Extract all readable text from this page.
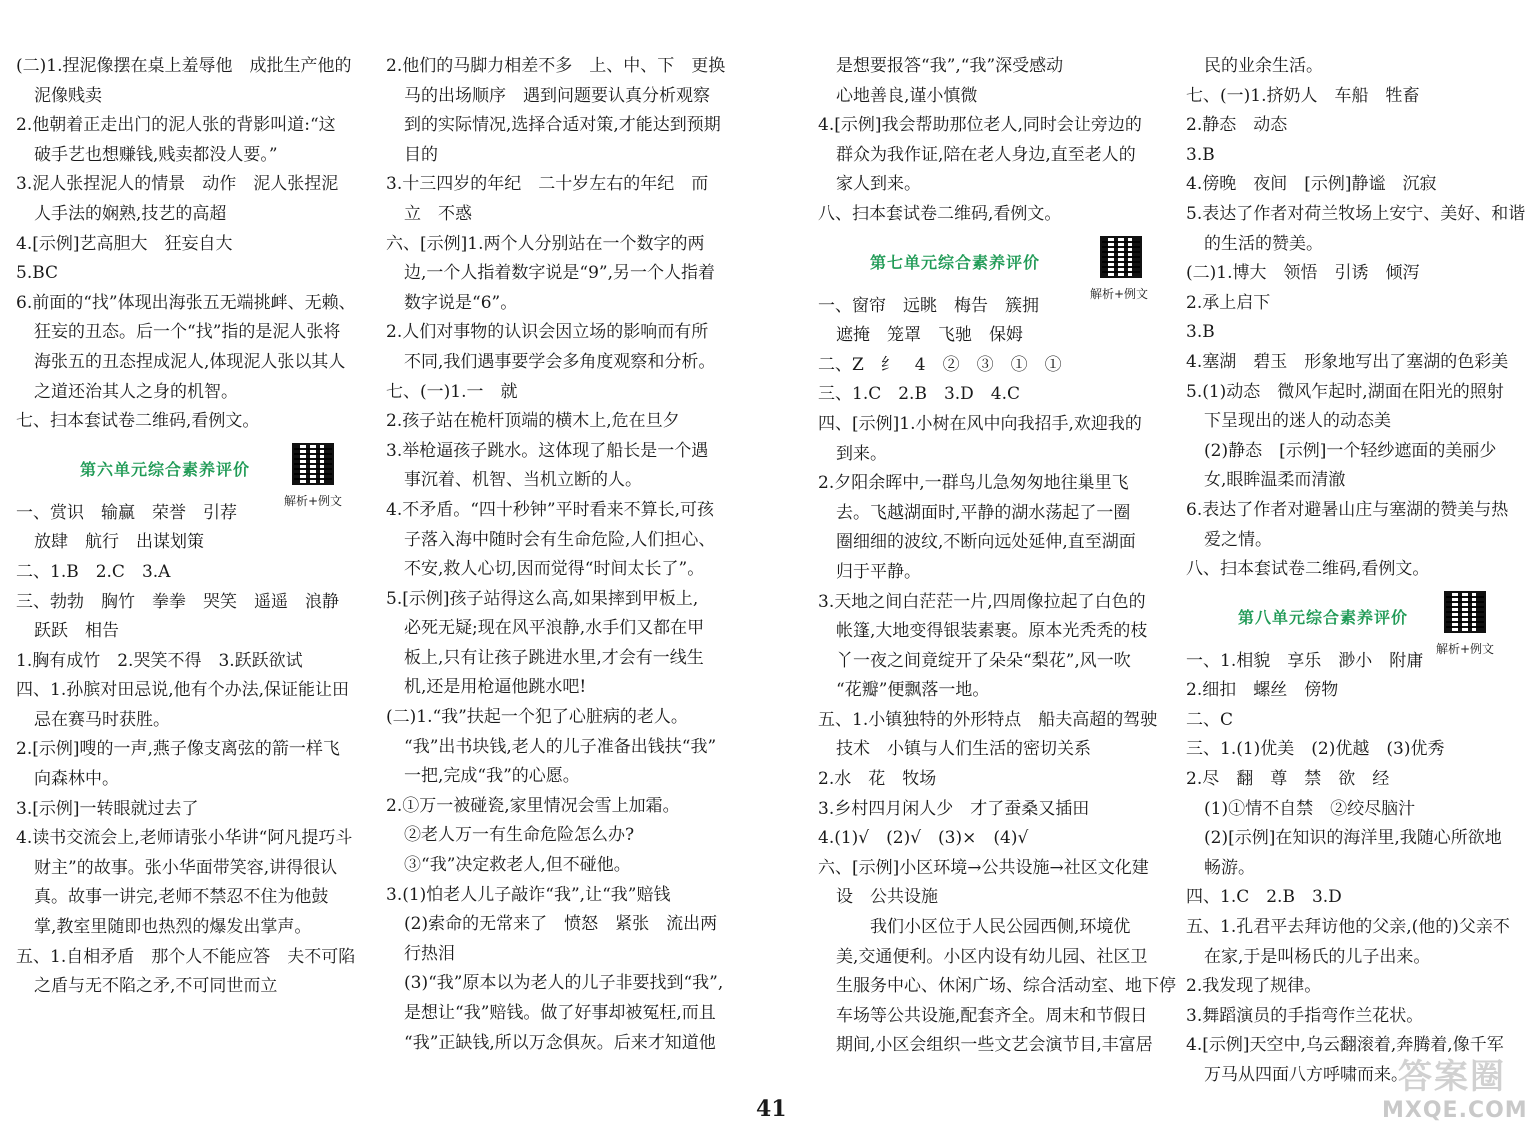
(二)1.捏泥像摆在桌上羞辱他　成批生产他的

泥像贱卖

2.他朝着正走出门的泥人张的背影叫道:“这

破手艺也想赚钱,贱卖都没人要。”

3.泥人张捏泥人的情景　动作　泥人张捏泥

人手法的娴熟,技艺的高超

4.[示例]艺高胆大　狂妄自大

5.BC

6.前面的“找”体现出海张五无端挑衅、无赖、

狂妄的丑态。后一个“找”指的是泥人张将

海张五的丑态捏成泥人,体现泥人张以其人

之道还治其人之身的机智。

七、扫本套试卷二维码,看例文。

第六单元综合素养评价
解析+例文

一、赏识　输赢　荣誉　引荐

放肆　航行　出谋划策

二、1.B　2.C　3.A

三、勃勃　胸竹　拳拳　哭笑　遥遥　浪静

跃跃　相告

1.胸有成竹　2.哭笑不得　3.跃跃欲试

四、1.孙膑对田忌说,他有个办法,保证能让田

忌在赛马时获胜。

2.[示例]嗖的一声,燕子像支离弦的箭一样飞

向森林中。

3.[示例]一转眼就过去了

4.读书交流会上,老师请张小华讲“阿凡提巧斗

财主”的故事。张小华面带笑容,讲得很认

真。故事一讲完,老师不禁忍不住为他鼓

掌,教室里随即也热烈的爆发出掌声。

五、1.自相矛盾　那个人不能应答　夫不可陷

之盾与无不陷之矛,不可同世而立

2.他们的马脚力相差不多　上、中、下　更换

马的出场顺序　遇到问题要认真分析观察

到的实际情况,选择合适对策,才能达到预期

目的

3.十三四岁的年纪　二十岁左右的年纪　而

立　不惑

六、[示例]1.两个人分别站在一个数字的两

边,一个人指着数字说是“9”,另一个人指着

数字说是“6”。

2.人们对事物的认识会因立场的影响而有所

不同,我们遇事要学会多角度观察和分析。

七、(一)1.一　就

2.孩子站在桅杆顶端的横木上,危在旦夕

3.举枪逼孩子跳水。这体现了船长是一个遇

事沉着、机智、当机立断的人。

4.不矛盾。“四十秒钟”平时看来不算长,可孩

子落入海中随时会有生命危险,人们担心、

不安,救人心切,因而觉得“时间太长了”。

5.[示例]孩子站得这么高,如果摔到甲板上,

必死无疑;现在风平浪静,水手们又都在甲

板上,只有让孩子跳进水里,才会有一线生

机,还是用枪逼他跳水吧!

(二)1.“我”扶起一个犯了心脏病的老人。

“我”出书块钱,老人的儿子准备出钱扶“我”

一把,完成“我”的心愿。

2.①万一被碰瓷,家里情况会雪上加霜。

②老人万一有生命危险怎么办?

③“我”决定救老人,但不碰他。

3.(1)怕老人儿子敲诈“我”,让“我”赔钱

(2)索命的无常来了　愤怒　紧张　流出两

行热泪

(3)“我”原本以为老人的儿子非要找到“我”,

是想让“我”赔钱。做了好事却被冤枉,而且

“我”正缺钱,所以万念俱灰。后来才知道他

是想要报答“我”,“我”深受感动

心地善良,谨小慎微

4.[示例]我会帮助那位老人,同时会让旁边的

群众为我作证,陪在老人身边,直至老人的

家人到来。

八、扫本套试卷二维码,看例文。

第七单元综合素养评价
解析+例文

一、窗帘　远眺　梅告　簇拥

遮掩　笼罩　飞驰　保姆

二、Z　纟　4　②　③　①　①

三、1.C　2.B　3.D　4.C

四、[示例]1.小树在风中向我招手,欢迎我的

到来。

2.夕阳余晖中,一群鸟儿急匆匆地往巢里飞

去。飞越湖面时,平静的湖水荡起了一圈

圈细细的波纹,不断向远处延伸,直至湖面

归于平静。

3.天地之间白茫茫一片,四周像拉起了白色的

帐篷,大地变得银装素裹。原本光秃秃的枝

丫一夜之间竟绽开了朵朵“梨花”,风一吹

“花瓣”便飘落一地。

五、1.小镇独特的外形特点　船夫高超的驾驶

技术　小镇与人们生活的密切关系

2.水　花　牧场

3.乡村四月闲人少　才了蚕桑又插田

4.(1)√　(2)√　(3)×　(4)√

六、[示例]小区环境→公共设施→社区文化建

设　公共设施

我们小区位于人民公园西侧,环境优

美,交通便利。小区内设有幼儿园、社区卫

生服务中心、休闲广场、综合活动室、地下停

车场等公共设施,配套齐全。周末和节假日

期间,小区会组织一些文艺会演节目,丰富居

民的业余生活。

七、(一)1.挤奶人　车船　牲畜

2.静态　动态

3.B

4.傍晚　夜间　[示例]静谧　沉寂

5.表达了作者对荷兰牧场上安宁、美好、和谐

的生活的赞美。

(二)1.博大　领悟　引诱　倾泻

2.承上启下

3.B

4.塞湖　碧玉　形象地写出了塞湖的色彩美

5.(1)动态　微风乍起时,湖面在阳光的照射

下呈现出的迷人的动态美

(2)静态　[示例]一个轻纱遮面的美丽少

女,眼眸温柔而清澈

6.表达了作者对避暑山庄与塞湖的赞美与热

爱之情。

八、扫本套试卷二维码,看例文。

第八单元综合素养评价
解析+例文

一、1.相貌　享乐　渺小　附庸

2.细扣　螺丝　傍物

二、C

三、1.(1)优美　(2)优越　(3)优秀

2.尽　翻　尊　禁　欲　经

(1)①情不自禁　②绞尽脑汁

(2)[示例]在知识的海洋里,我随心所欲地

畅游。

四、1.C　2.B　3.D

五、1.孔君平去拜访他的父亲,(他的)父亲不

在家,于是叫杨氏的儿子出来。

2.我发现了规律。

3.舞蹈演员的手指弯作兰花状。

4.[示例]天空中,乌云翻滚着,奔腾着,像千军

万马从四面八方呼啸而来。

41
答案圈
MXQE.COM
